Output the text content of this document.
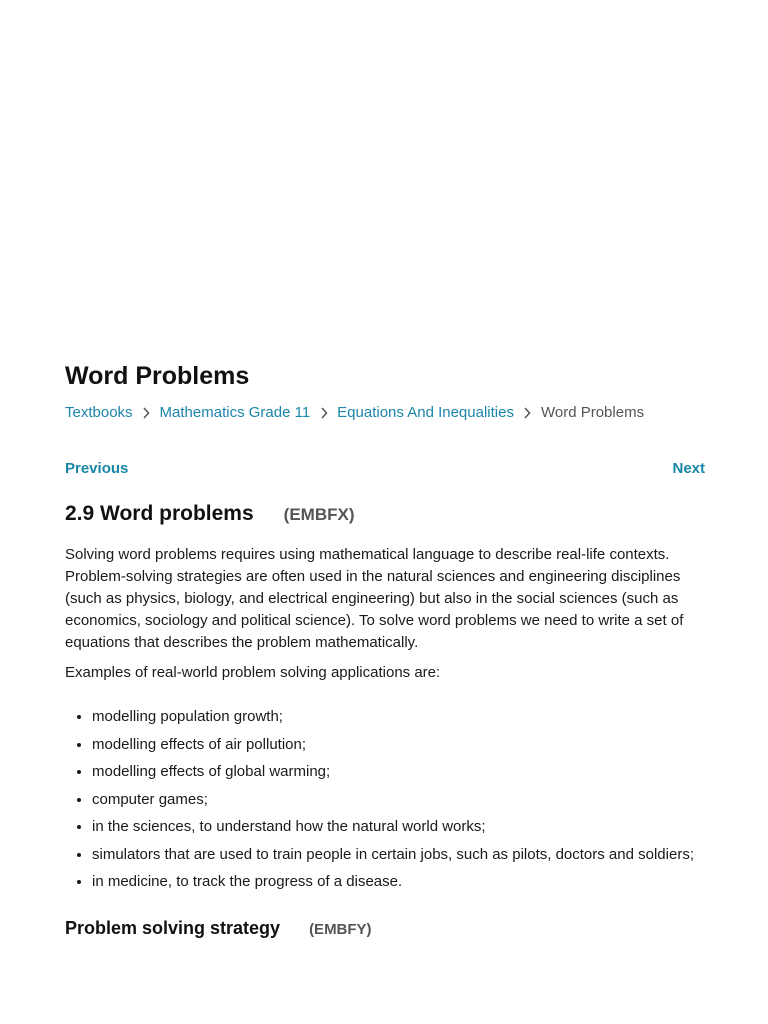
Word Problems
Textbooks Mathematics Grade 11 Equations And Inequalities Word Problems
Previous	Next
2.9 Word problems (EMBFX)

Solving word problems requires using mathematical language to describe real-life contexts. Problem-solving strategies are often used in the natural sciences and engineering disciplines (such as physics, biology, and electrical engineering) but also in the social sciences (such as economics, sociology and political science). To solve word problems we need to write a set of equations that describes the problem mathematically.

Examples of real-world problem solving applications are:

• modelling population growth;
• modelling effects of air pollution;
• modelling effects of global warming;
• computer games;
• in the sciences, to understand how the natural world works;
• simulators that are used to train people in certain jobs, such as pilots, doctors and soldiers;
• in medicine, to track the progress of a disease.
Problem solving strategy (EMBFY)
